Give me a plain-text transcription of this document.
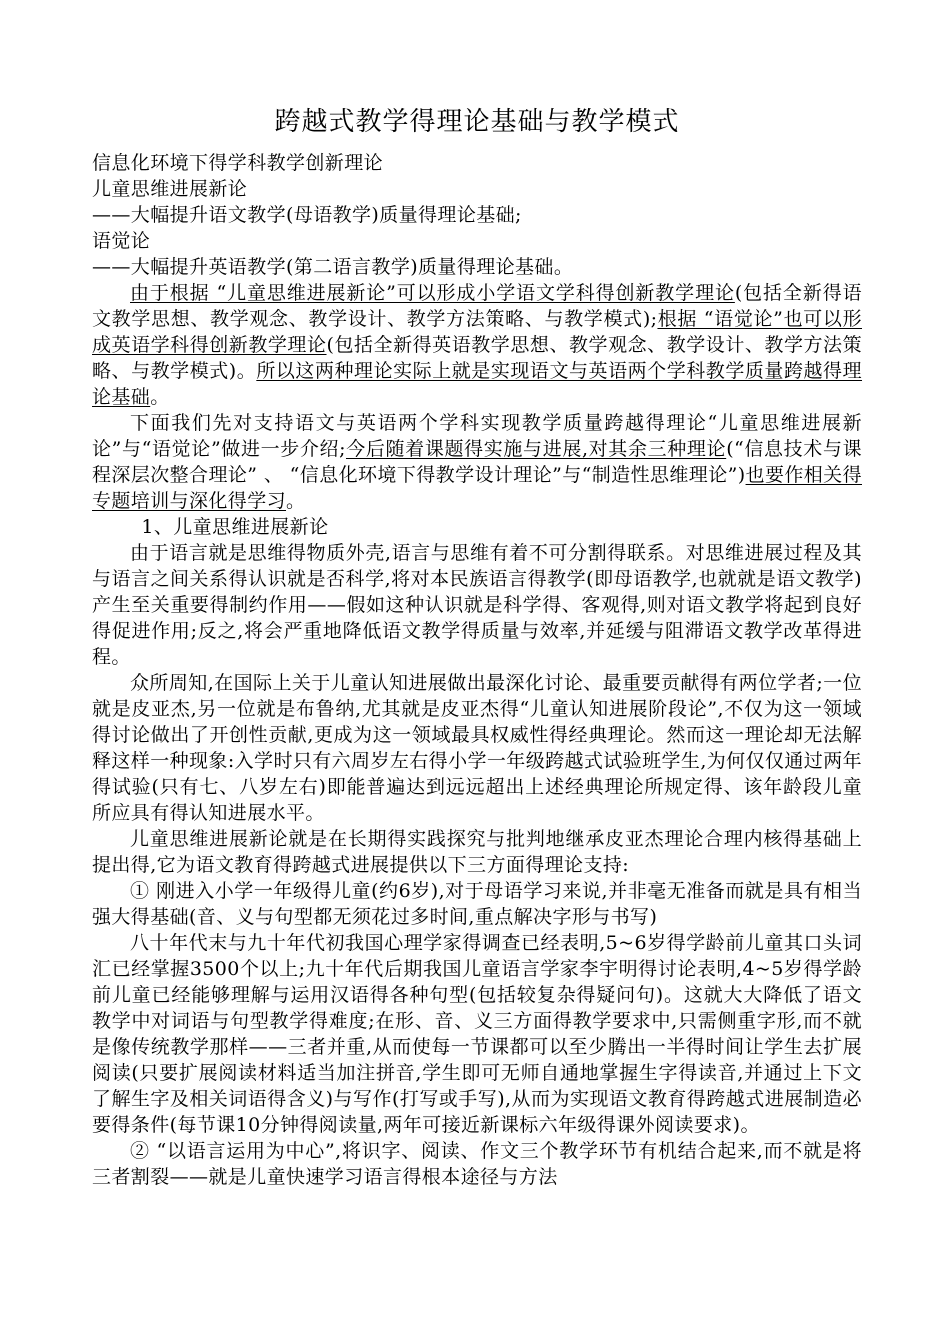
跨越式教学得理论基础与教学模式
信息化环境下得学科教学创新理论
儿童思维进展新论
——大幅提升语文教学(母语教学)质量得理论基础;
语觉论
——大幅提升英语教学(第二语言教学)质量得理论基础。

由于根据 “儿童思维进展新论”可以形成小学语文学科得创新教学理论(包括全新得语文教学思想、教学观念、教学设计、教学方法策略、与教学模式);根据 “语觉论”也可以形成英语学科得创新教学理论(包括全新得英语教学思想、教学观念、教学设计、教学方法策略、与教学模式)。所以这两种理论实际上就是实现语文与英语两个学科教学质量跨越得理论基础。

下面我们先对支持语文与英语两个学科实现教学质量跨越得理论“儿童思维进展新论”与“语觉论”做进一步介绍;今后随着课题得实施与进展,对其余三种理论(“信息技术与课程深层次整合理论” 、 “信息化环境下得教学设计理论”与“制造性思维理论”)也要作相关得专题培训与深化得学习。

1、儿童思维进展新论

由于语言就是思维得物质外壳,语言与思维有着不可分割得联系。对思维进展过程及其与语言之间关系得认识就是否科学,将对本民族语言得教学(即母语教学,也就就是语文教学)产生至关重要得制约作用——假如这种认识就是科学得、客观得,则对语文教学将起到良好得促进作用;反之,将会严重地降低语文教学得质量与效率,并延缓与阻滞语文教学改革得进程。

众所周知,在国际上关于儿童认知进展做出最深化讨论、最重要贡献得有两位学者;一位就是皮亚杰,另一位就是布鲁纳,尤其就是皮亚杰得“儿童认知进展阶段论”,不仅为这一领域得讨论做出了开创性贡献,更成为这一领域最具权威性得经典理论。然而这一理论却无法解释这样一种现象:入学时只有六周岁左右得小学一年级跨越式试验班学生,为何仅仅通过两年得试验(只有七、八岁左右)即能普遍达到远远超出上述经典理论所规定得、该年龄段儿童所应具有得认知进展水平。

儿童思维进展新论就是在长期得实践探究与批判地继承皮亚杰理论合理内核得基础上提出得,它为语文教育得跨越式进展提供以下三方面得理论支持:

① 刚进入小学一年级得儿童(约6岁),对于母语学习来说,并非毫无准备而就是具有相当强大得基础(音、义与句型都无须花过多时间,重点解决字形与书写)

八十年代末与九十年代初我国心理学家得调查已经表明,5~6岁得学龄前儿童其口头词汇已经掌握3500个以上;九十年代后期我国儿童语言学家李宇明得讨论表明,4~5岁得学龄前儿童已经能够理解与运用汉语得各种句型(包括较复杂得疑问句)。这就大大降低了语文教学中对词语与句型教学得难度;在形、音、义三方面得教学要求中,只需侧重字形,而不就是像传统教学那样——三者并重,从而使每一节课都可以至少腾出一半得时间让学生去扩展阅读(只要扩展阅读材料适当加注拼音,学生即可无师自通地掌握生字得读音,并通过上下文了解生字及相关词语得含义)与写作(打写或手写),从而为实现语文教育得跨越式进展制造必要得条件(每节课10分钟得阅读量,两年可接近新课标六年级得课外阅读要求)。

② “以语言运用为中心”,将识字、阅读、作文三个教学环节有机结合起来,而不就是将三者割裂——就是儿童快速学习语言得根本途径与方法
